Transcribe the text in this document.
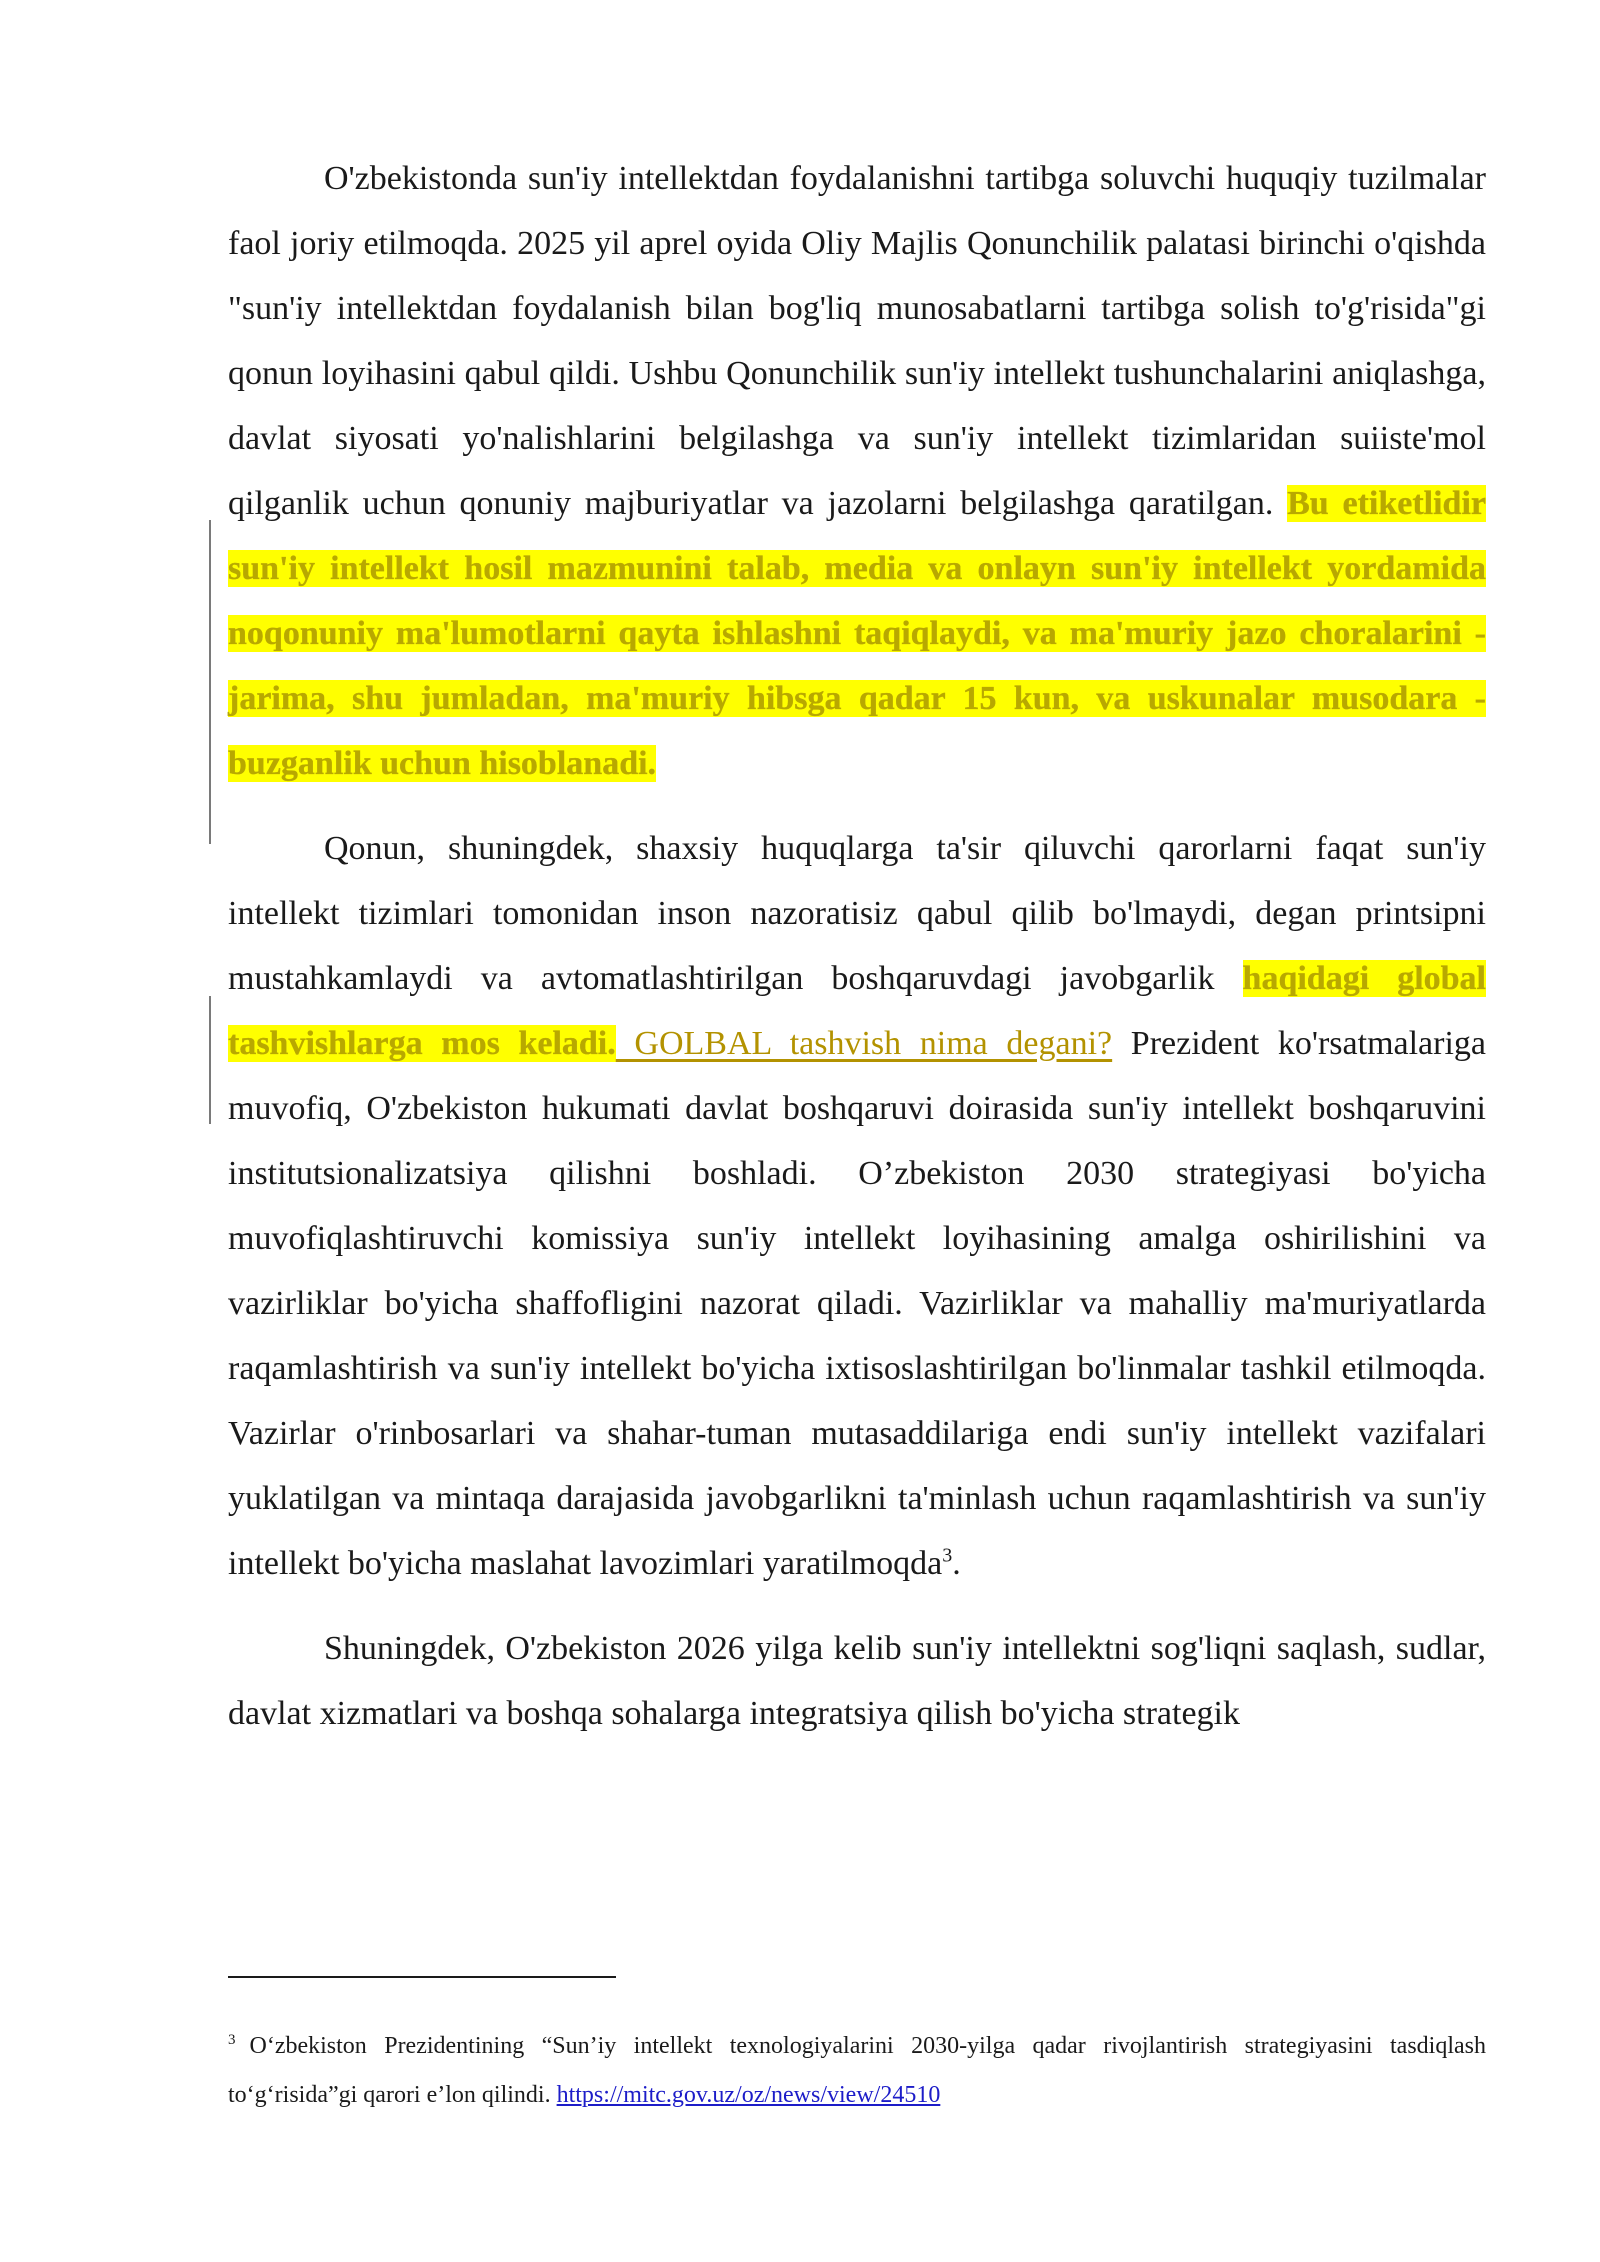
O'zbekistonda sun'iy intellektdan foydalanishni tartibga soluvchi huquqiy tuzilmalar faol joriy etilmoqda. 2025 yil aprel oyida Oliy Majlis Qonunchilik palatasi birinchi o'qishda "sun'iy intellektdan foydalanish bilan bog'liq munosabatlarni tartibga solish to'g'risida"gi qonun loyihasini qabul qildi. Ushbu Qonunchilik sun'iy intellekt tushunchalarini aniqlashga, davlat siyosati yo'nalishlarini belgilashga va sun'iy intellekt tizimlaridan suiiste'mol qilganlik uchun qonuniy majburiyatlar va jazolarni belgilashga qaratilgan. Bu etiketlidir sun'iy intellekt hosil mazmunini talab, media va onlayn sun'iy intellekt yordamida noqonuniy ma'lumotlarni qayta ishlashni taqiqlaydi, va ma'muriy jazo choralarini - jarima, shu jumladan, ma'muriy hibsga qadar 15 kun, va uskunalar musodara - buzganlik uchun hisoblanadi.

Qonun, shuningdek, shaxsiy huquqlarga ta'sir qiluvchi qarorlarni faqat sun'iy intellekt tizimlari tomonidan inson nazoratisiz qabul qilib bo'lmaydi, degan printsipni mustahkamlaydi va avtomatlashtirilgan boshqaruvdagi javobgarlik haqidagi global tashvishlarga mos keladi. GOLBAL tashvish nima degani? Prezident ko'rsatmalariga muvofiq, O'zbekiston hukumati davlat boshqaruvi doirasida sun'iy intellekt boshqaruvini institutsionalizatsiya qilishni boshladi. O’zbekiston 2030 strategiyasi bo'yicha muvofiqlashtiruvchi komissiya sun'iy intellekt loyihasining amalga oshirilishini va vazirliklar bo'yicha shaffofligini nazorat qiladi. Vazirliklar va mahalliy ma'muriyatlarda raqamlashtirish va sun'iy intellekt bo'yicha ixtisoslashtirilgan bo'linmalar tashkil etilmoqda. Vazirlar o'rinbosarlari va shahar-tuman mutasaddilariga endi sun'iy intellekt vazifalari yuklatilgan va mintaqa darajasida javobgarlikni ta'minlash uchun raqamlashtirish va sun'iy intellekt bo'yicha maslahat lavozimlari yaratilmoqda$^3$.

Shuningdek, O'zbekiston 2026 yilga kelib sun'iy intellektni sog'liqni saqlash, sudlar, davlat xizmatlari va boshqa sohalarga integratsiya qilish bo'yicha strategik

$^3$ O‘zbekiston Prezidentining “Sun’iy intellekt texnologiyalarini 2030-yilga qadar rivojlantirish strategiyasini tasdiqlash to‘g‘risida”gi qarori e’lon qilindi. https://mitc.gov.uz/oz/news/view/24510
